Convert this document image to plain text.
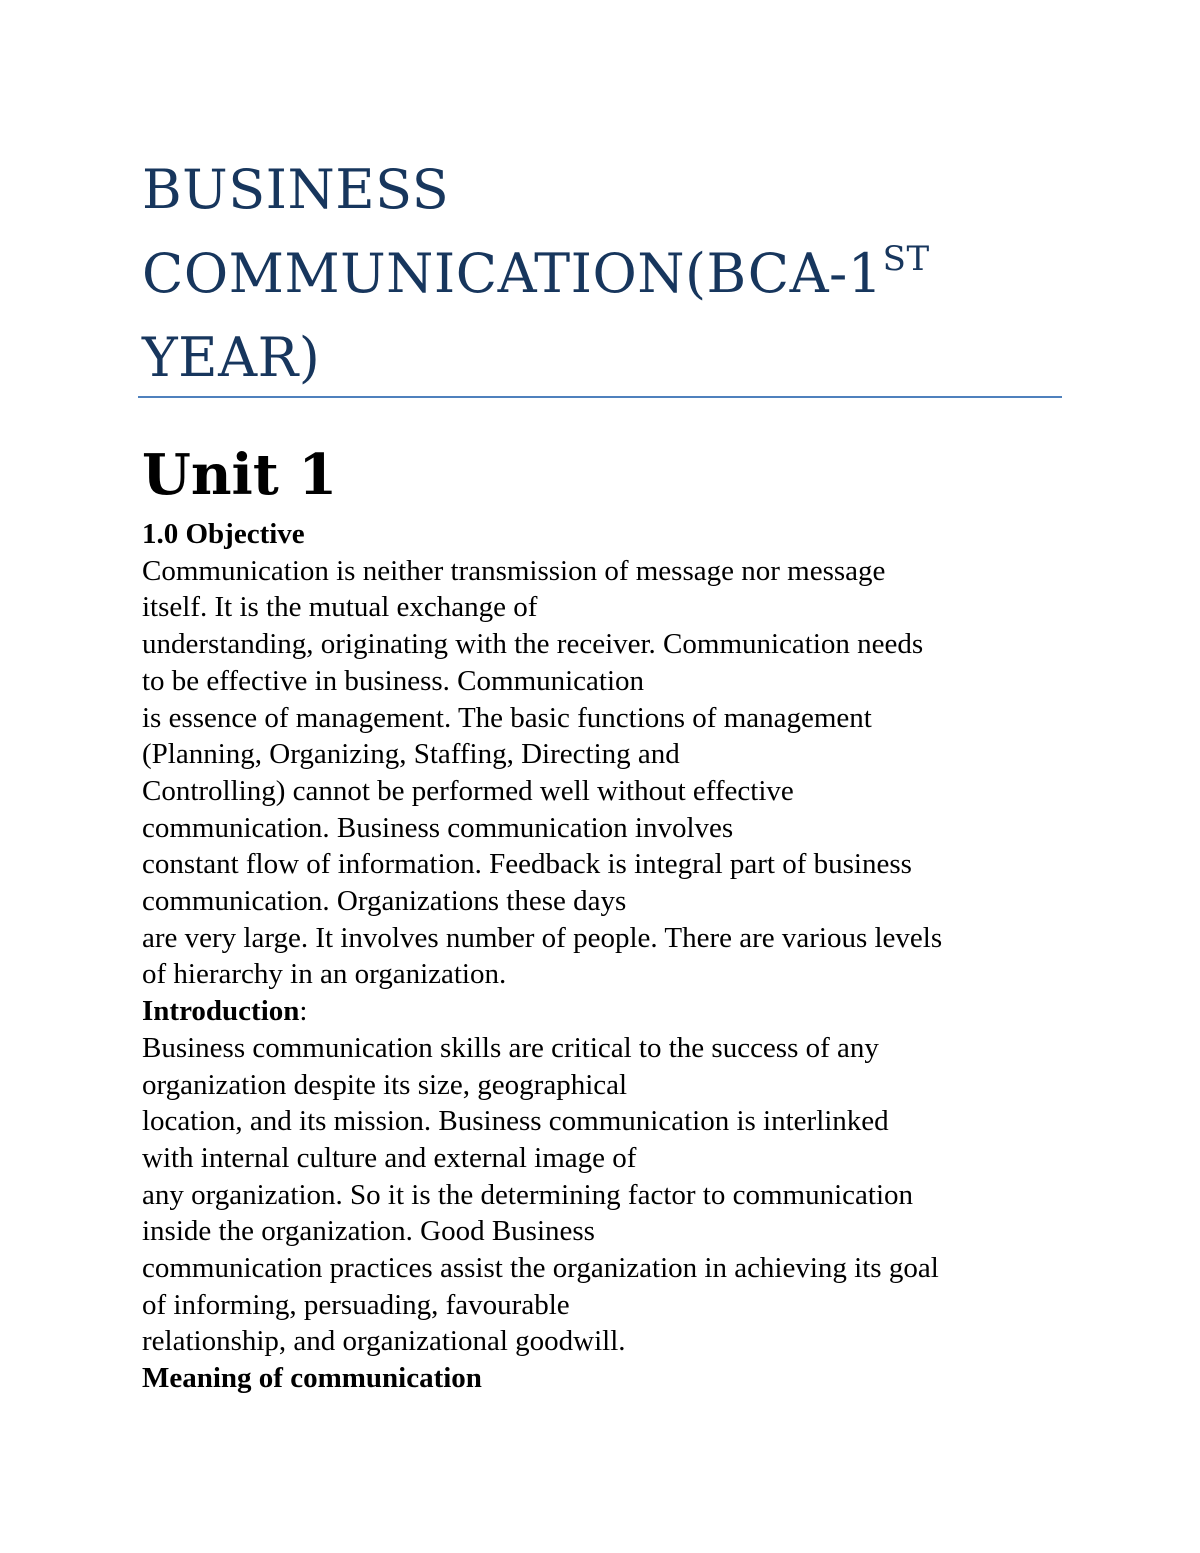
BUSINESS
COMMUNICATION(BCA-1ST
YEAR)
Unit 1
1.0 Objective
Communication is neither transmission of message nor message
itself. It is the mutual exchange of
understanding, originating with the receiver. Communication needs
to be effective in business. Communication
is essence of management. The basic functions of management
(Planning, Organizing, Staffing, Directing and
Controlling) cannot be performed well without effective
communication. Business communication involves
constant flow of information. Feedback is integral part of business
communication. Organizations these days
are very large. It involves number of people. There are various levels
of hierarchy in an organization.
Introduction:
Business communication skills are critical to the success of any
organization despite its size, geographical
location, and its mission. Business communication is interlinked
with internal culture and external image of
any organization. So it is the determining factor to communication
inside the organization. Good Business
communication practices assist the organization in achieving its goal
of informing, persuading, favourable
relationship, and organizational goodwill.
Meaning of communication
